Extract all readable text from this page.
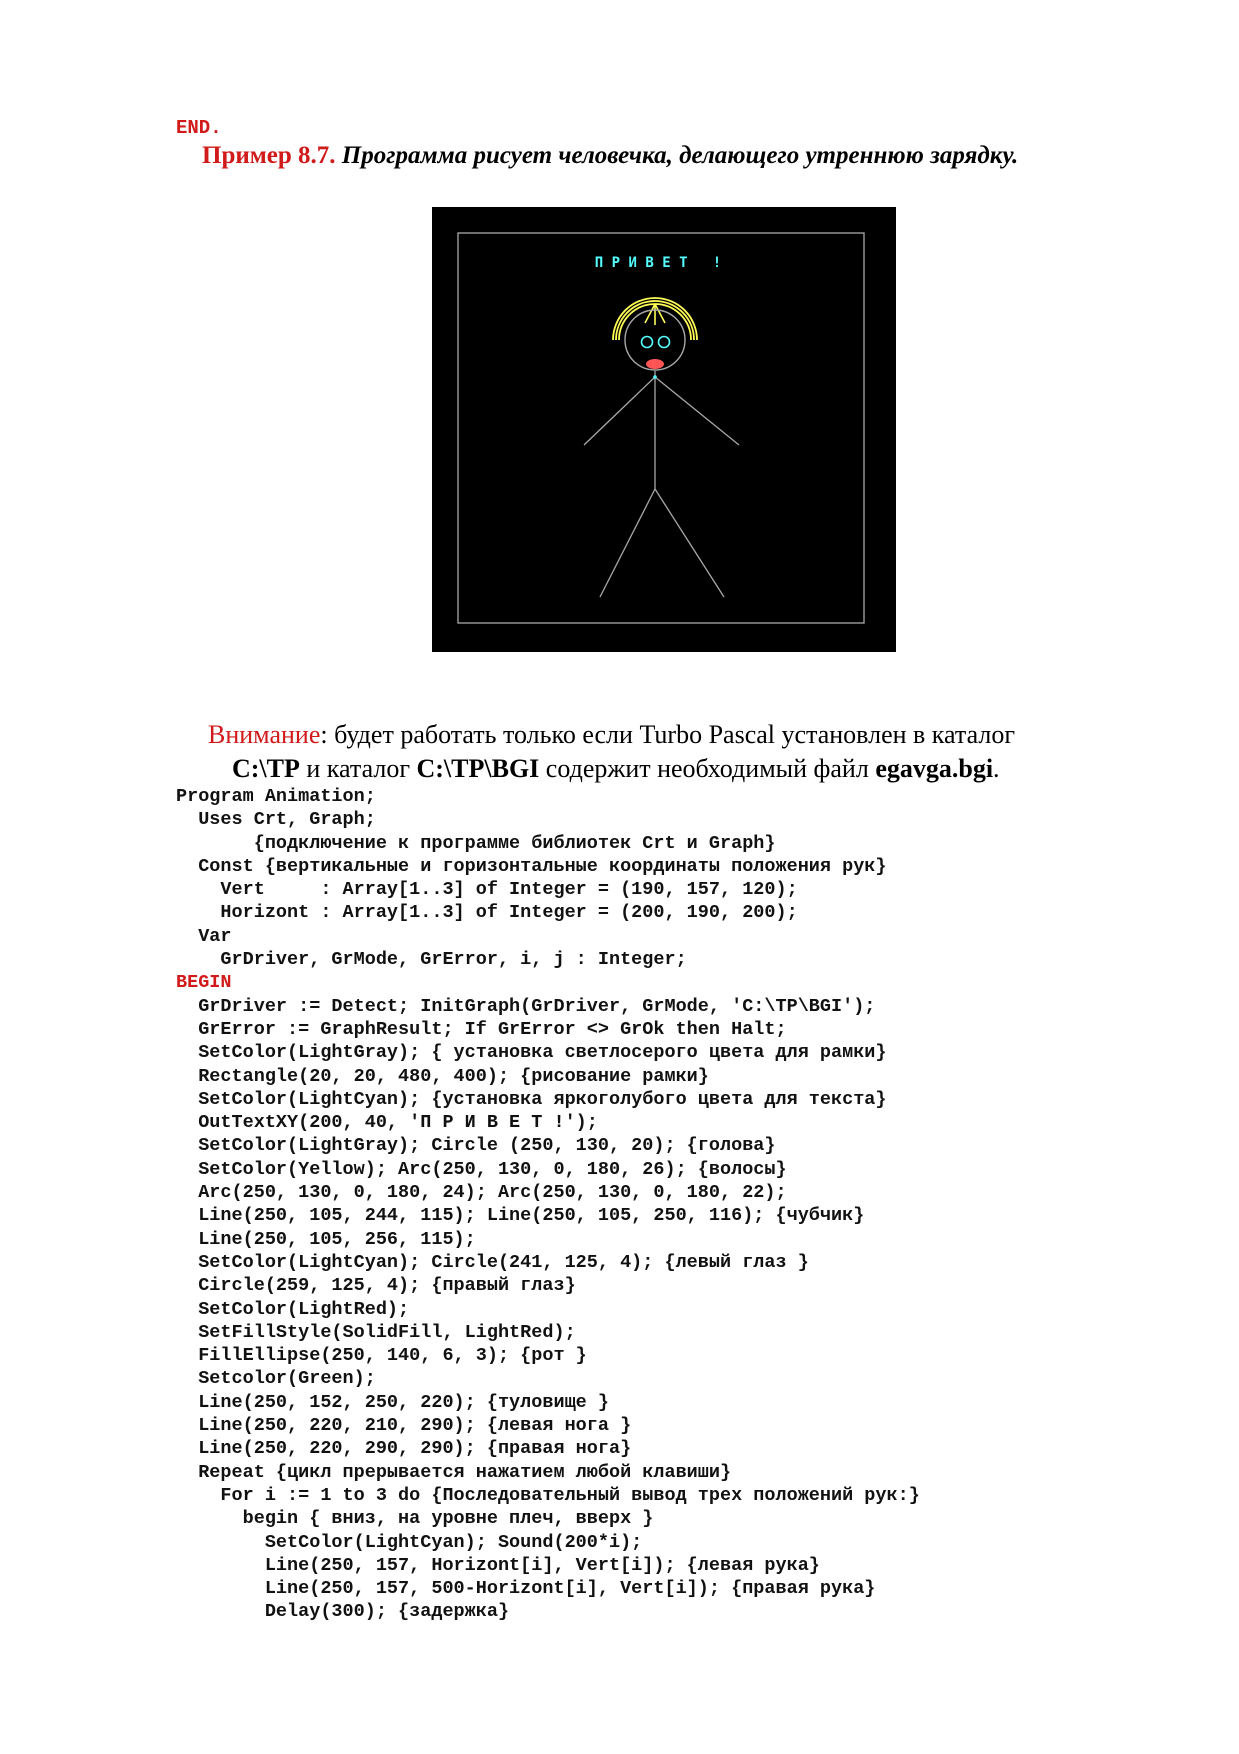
END.
Пример 8.7. Программа рисует человечка, делающего утреннюю зарядку.
П Р И В Е Т   !
Внимание: будет работать только если Turbo Pascal установлен в каталог
C:\TP и каталог C:\TP\BGI содержит необходимый файл egavga.bgi.
Program Animation;
Uses Crt, Graph;
{подключение к программе библиотек Crt и Graph}
Const {вертикальные и горизонтальные координаты положения рук}
Vert     : Array[1..3] of Integer = (190, 157, 120);
Horizont : Array[1..3] of Integer = (200, 190, 200);
Var
GrDriver, GrMode, GrError, i, j : Integer;
BEGIN
GrDriver := Detect; InitGraph(GrDriver, GrMode, 'C:\TP\BGI');
GrError := GraphResult; If GrError <> GrOk then Halt;
SetColor(LightGray); { установка светлосерого цвета для рамки}
Rectangle(20, 20, 480, 400); {рисование рамки}
SetColor(LightCyan); {установка яркоголубого цвета для текста}
OutTextXY(200, 40, 'П Р И В Е Т !');
SetColor(LightGray); Circle (250, 130, 20); {голова}
SetColor(Yellow); Arc(250, 130, 0, 180, 26); {волосы}
Arc(250, 130, 0, 180, 24); Arc(250, 130, 0, 180, 22);
Line(250, 105, 244, 115); Line(250, 105, 250, 116); {чубчик}
Line(250, 105, 256, 115);
SetColor(LightCyan); Circle(241, 125, 4); {левый глаз }
Circle(259, 125, 4); {правый глаз}
SetColor(LightRed);
SetFillStyle(SolidFill, LightRed);
FillEllipse(250, 140, 6, 3); {рот }
Setcolor(Green);
Line(250, 152, 250, 220); {туловище }
Line(250, 220, 210, 290); {левая нога }
Line(250, 220, 290, 290); {правая нога}
Repeat {цикл прерывается нажатием любой клавиши}
For i := 1 to 3 do {Последовательный вывод трех положений рук:}
begin { вниз, на уровне плеч, вверх }
SetColor(LightCyan); Sound(200*i);
Line(250, 157, Horizont[i], Vert[i]); {левая рука}
Line(250, 157, 500-Horizont[i], Vert[i]); {правая рука}
Delay(300); {задержка}
